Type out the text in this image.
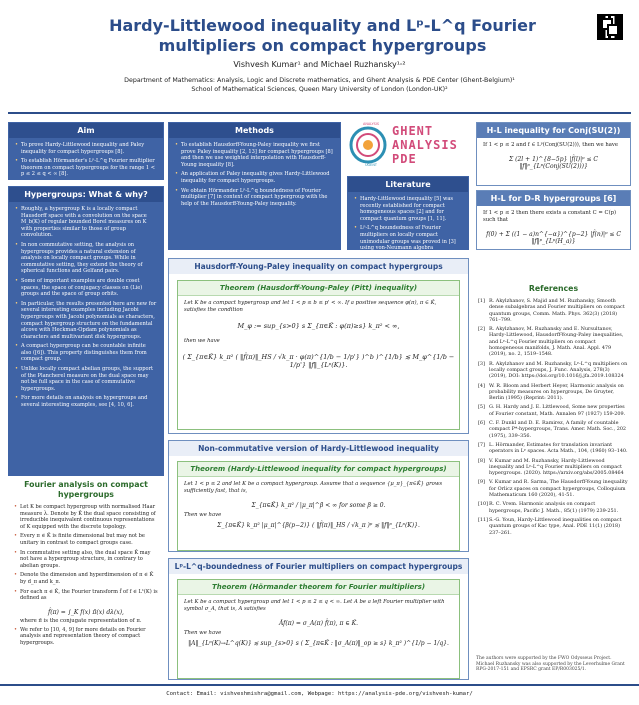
Hardy-Littlewood inequality and Lᵖ-L^q Fourier multipliers on compact hypergroups
Vishvesh Kumar¹ and Michael Ruzhansky¹˒²
Department of Mathematics: Analysis, Logic and Discrete mathematics, and Ghent Analysis & PDE Center (Ghent-Belgium)¹
School of Mathematical Sciences, Queen Mary University of London (London-UK)²
Aim
• To prove Hardy-Littlewood inequality and Paley inequality for compact hypergroups [8].
• To establish Hörmander's Lᵖ-L^q Fourier multiplier theorem on compact hypergroups for the range 1 < p ≤ 2 ≤ q < ∞ [8].
Methods
• To establish Hausdorff-Young-Paley inequality we first prove Paley inequality [2, 13] for compact hypergroups [8] and then we use weighted interpolation with Hausdorff-Young inequality [8].
• An application of Paley inequality gives Hardy-Littlewood inequality for compact hypergroups.
• We obtain Hörmander Lᵖ-L^q boundedness of Fourier multiplier [7] in context of compact hypergroup with the help of the Hausdorff-Young-Paley inequality.
ANALYSIS
UGENT
GHENT
ANALYSIS
PDE
Literature
• Hardy-Littlewood inequality [5] was recently established for compact homogeneous spaces [2] and for compact quantum groups [1, 11].
• Lᵖ-L^q boundedness of Fourier multipliers on locally compact unimodular groups was proved in [3] using von-Neumann algebra techniques.
H-L inequality for Conj(SU(2))
If 1 < p ≤ 2 and f ∈ Lᵖ(Conj(SU(2))), then we have
Σ (2l + 1)^{8−5p} |f̂(l)|ᵖ ≤ C ‖f‖ᵖ_{Lᵖ(Conj(SU(2)))}
H-L for D-R hypergroups [6]
If 1 < p ≤ 2 then there exists a constant C = C(p) such that
f(0) + Σ ((1 − a)n^{−α})^{p−2} |f̂(n)|ᵖ ≤ C ‖f‖ᵖ_{Lᵖ(H_a)}
Hypergroups: What & why?
• Roughly, a hypergroup K is a locally compact Hausdorff space with a convolution on the space M_b(K) of regular bounded Borel measures on K with properties similar to those of group convolution.
• In non commutative setting, the analysis on hypergroups provides a natural extension of analysis on locally compact groups. While in commutative setting, they extend the theory of spherical functions and Gelfand pairs.
• Some of important examples are double coset spaces, the space of conjugacy classes on (Lie) groups and the space of group orbits.
• In particular, the results presented here are new for several interesting examples including Jacobi hypergroups with Jacobi polynomials as characters, compact hypergroup structure on the fundamental alcove with Heckman-Opdam polynomials as characters and multivariant disk hypergroups.
• A compact hypergroup can be countable infinite also ([6]). This property distinguishes them from compact group.
• Unlike locally compact abelian groups, the support of the Plancherel measure on the dual space may not be full space in the case of commutative hypergroups.
• For more details on analysis on hypergroups and several interesting examples, see [4, 10, 6].
Fourier analysis on compact hypergroups
• Let K be compact hypergroup with normalised Haar measure λ. Denote by K̂ the dual space consisting of irreducible inequivalent continuous representations of K equipped with the discrete topology.
• Every π ∈ K̂ is finite dimensional but may not be unitary in contrast to compact groups case.
• In commutative setting also, the dual space K̂ may not have a hypergroup structure, in contrary to abelian groups.
• Denote the dimension and hyperdimension of π ∈ K̂ by d_π and k_π.
• For each π ∈ K̂, the Fourier transform f̂ of f ∈ L¹(K) is defined as
f̂(π) = ∫_K f(x) π̄(x) dλ(x),
where π̄ is the conjugate representation of π.
• We refer to [10, 4, 9] for more details on Fourier analysis and representation theory of compact hypergroups.
Hausdorff-Young-Paley inequality on compact hypergroups
Theorem (Hausdorff-Young-Paley (Pitt) inequality)
Let K be a compact hypergroup and let 1 < p ≤ b ≤ p' < ∞. If a positive sequence φ(π), π ∈ K̂, satisfies the condition
M_φ := sup_{s>0} s Σ_{π∈K̂ : φ(π)≥s} k_π² < ∞,
then we have
( Σ_{π∈K̂} k_π² ( ‖f̂(π)‖_HS / √k_π · φ(π)^{1/b − 1/p'} )^b )^{1/b} ≲ M_φ^{1/b − 1/p'} ‖f‖_{Lᵖ(K)}.
Non-commutative version of Hardy-Littlewood inequality
Theorem (Hardy-Littlewood inequality for compact hypergroups)
Let 1 < p ≤ 2 and let K be a compact hypergroup. Assume that a sequence {μ_π}_{π∈K̂} grows sufficiently fast, that is,
Σ_{π∈K̂} k_π² / |μ_π|^β < ∞ for some β ≥ 0.
Then we have
Σ_{π∈K̂} k_π² |μ_π|^{β(p−2)} ( ‖f̂(π)‖_HS / √k_π )ᵖ ≲ ‖f‖ᵖ_{Lᵖ(K)}.
Lᵖ-L^q-boundedness of Fourier multipliers on compact hypergroups
Theorem (Hörmander theorem for Fourier multipliers)
Let K be a compact hypergroup and let 1 < p ≤ 2 ≤ q < ∞. Let A be a left Fourier multiplier with symbol σ_A, that is, A satisfies
Âf(π) = σ_A(π) f̂(π), π ∈ K̂.
Then we have
‖A‖_{Lᵖ(K)→L^q(K)} ≲ sup_{s>0} s ( Σ_{π∈K̂ : ‖σ_A(π)‖_op ≥ s} k_π² )^{1/p − 1/q}.
References
[1] R. Akylzhanov, S. Majid and M. Ruzhansky, Smooth dense subalgebras and Fourier multipliers on compact quantum groups, Comm. Math. Phys. 362(3) (2018) 761–799.
[2] R. Akylzhanov, M. Ruzhansky and E. Nursultanov, Hardy-Littlewood, Hausdorff-Young-Paley inequalities, and Lᵖ-L^q Fourier multipliers on compact homogeneous manifolds, J. Math. Anal. Appl. 479 (2019), no. 2, 1519–1548.
[3] R. Akylzhanov and M. Ruzhansky, Lᵖ-L^q multipliers on locally compact groups, J. Func. Analysis, 278(3) (2019), DOI: https://doi.org/10.1016/j.jfa.2019.108324
[4] W. R. Bloom and Herbert Heyer, Harmonic analysis on probability measures on hypergroups, De Gruyter, Berlin (1995) (Reprint: 2011).
[5] G. H. Hardy and J. E. Littlewood, Some new properties of Fourier constant, Math. Annalen 97 (1927) 159-209.
[6] C. F. Dunkl and D. E. Ramirez, A family of countable compact P*-hypergroups, Trans. Amer. Math. Soc., 202 (1975), 339–356.
[7] L. Hörmander, Estimates for translation invariant operators in Lᵖ spaces. Acta Math., 104, (1960) 93–140.
[8] V. Kumar and M. Ruzhansky, Hardy-Littlewood inequality and Lᵖ-L^q Fourier multipliers on compact hypergroups. (2020). https://arxiv.org/abs/2005.08464
[9] V. Kumar and R. Sarma, The Hausdorff-Young inequality for Orlicz spaces on compact hypergroups, Colloquium Mathematicum 160 (2020), 41-51.
[10] R. C. Vrem. Harmonic analysis on compact hypergroups, Pacific J. Math., 85(1) (1979) 239-251.
[11] S.-G. Youn, Hardy-Littlewood inequalities on compact quantum groups of Kac type, Anal. PDE 11(1) (2018) 237–261.
The authors were supported by the FWO Odysseus Project. Michael Ruzhansky was also supported by the Leverhulme Grant RPG-2017-151 and EPSRC grant EP/R003025/1.
Contact: Email: vishveshmishra@gmail.com, Webpage: https://analysis-pde.org/vishvesh-kumar/
